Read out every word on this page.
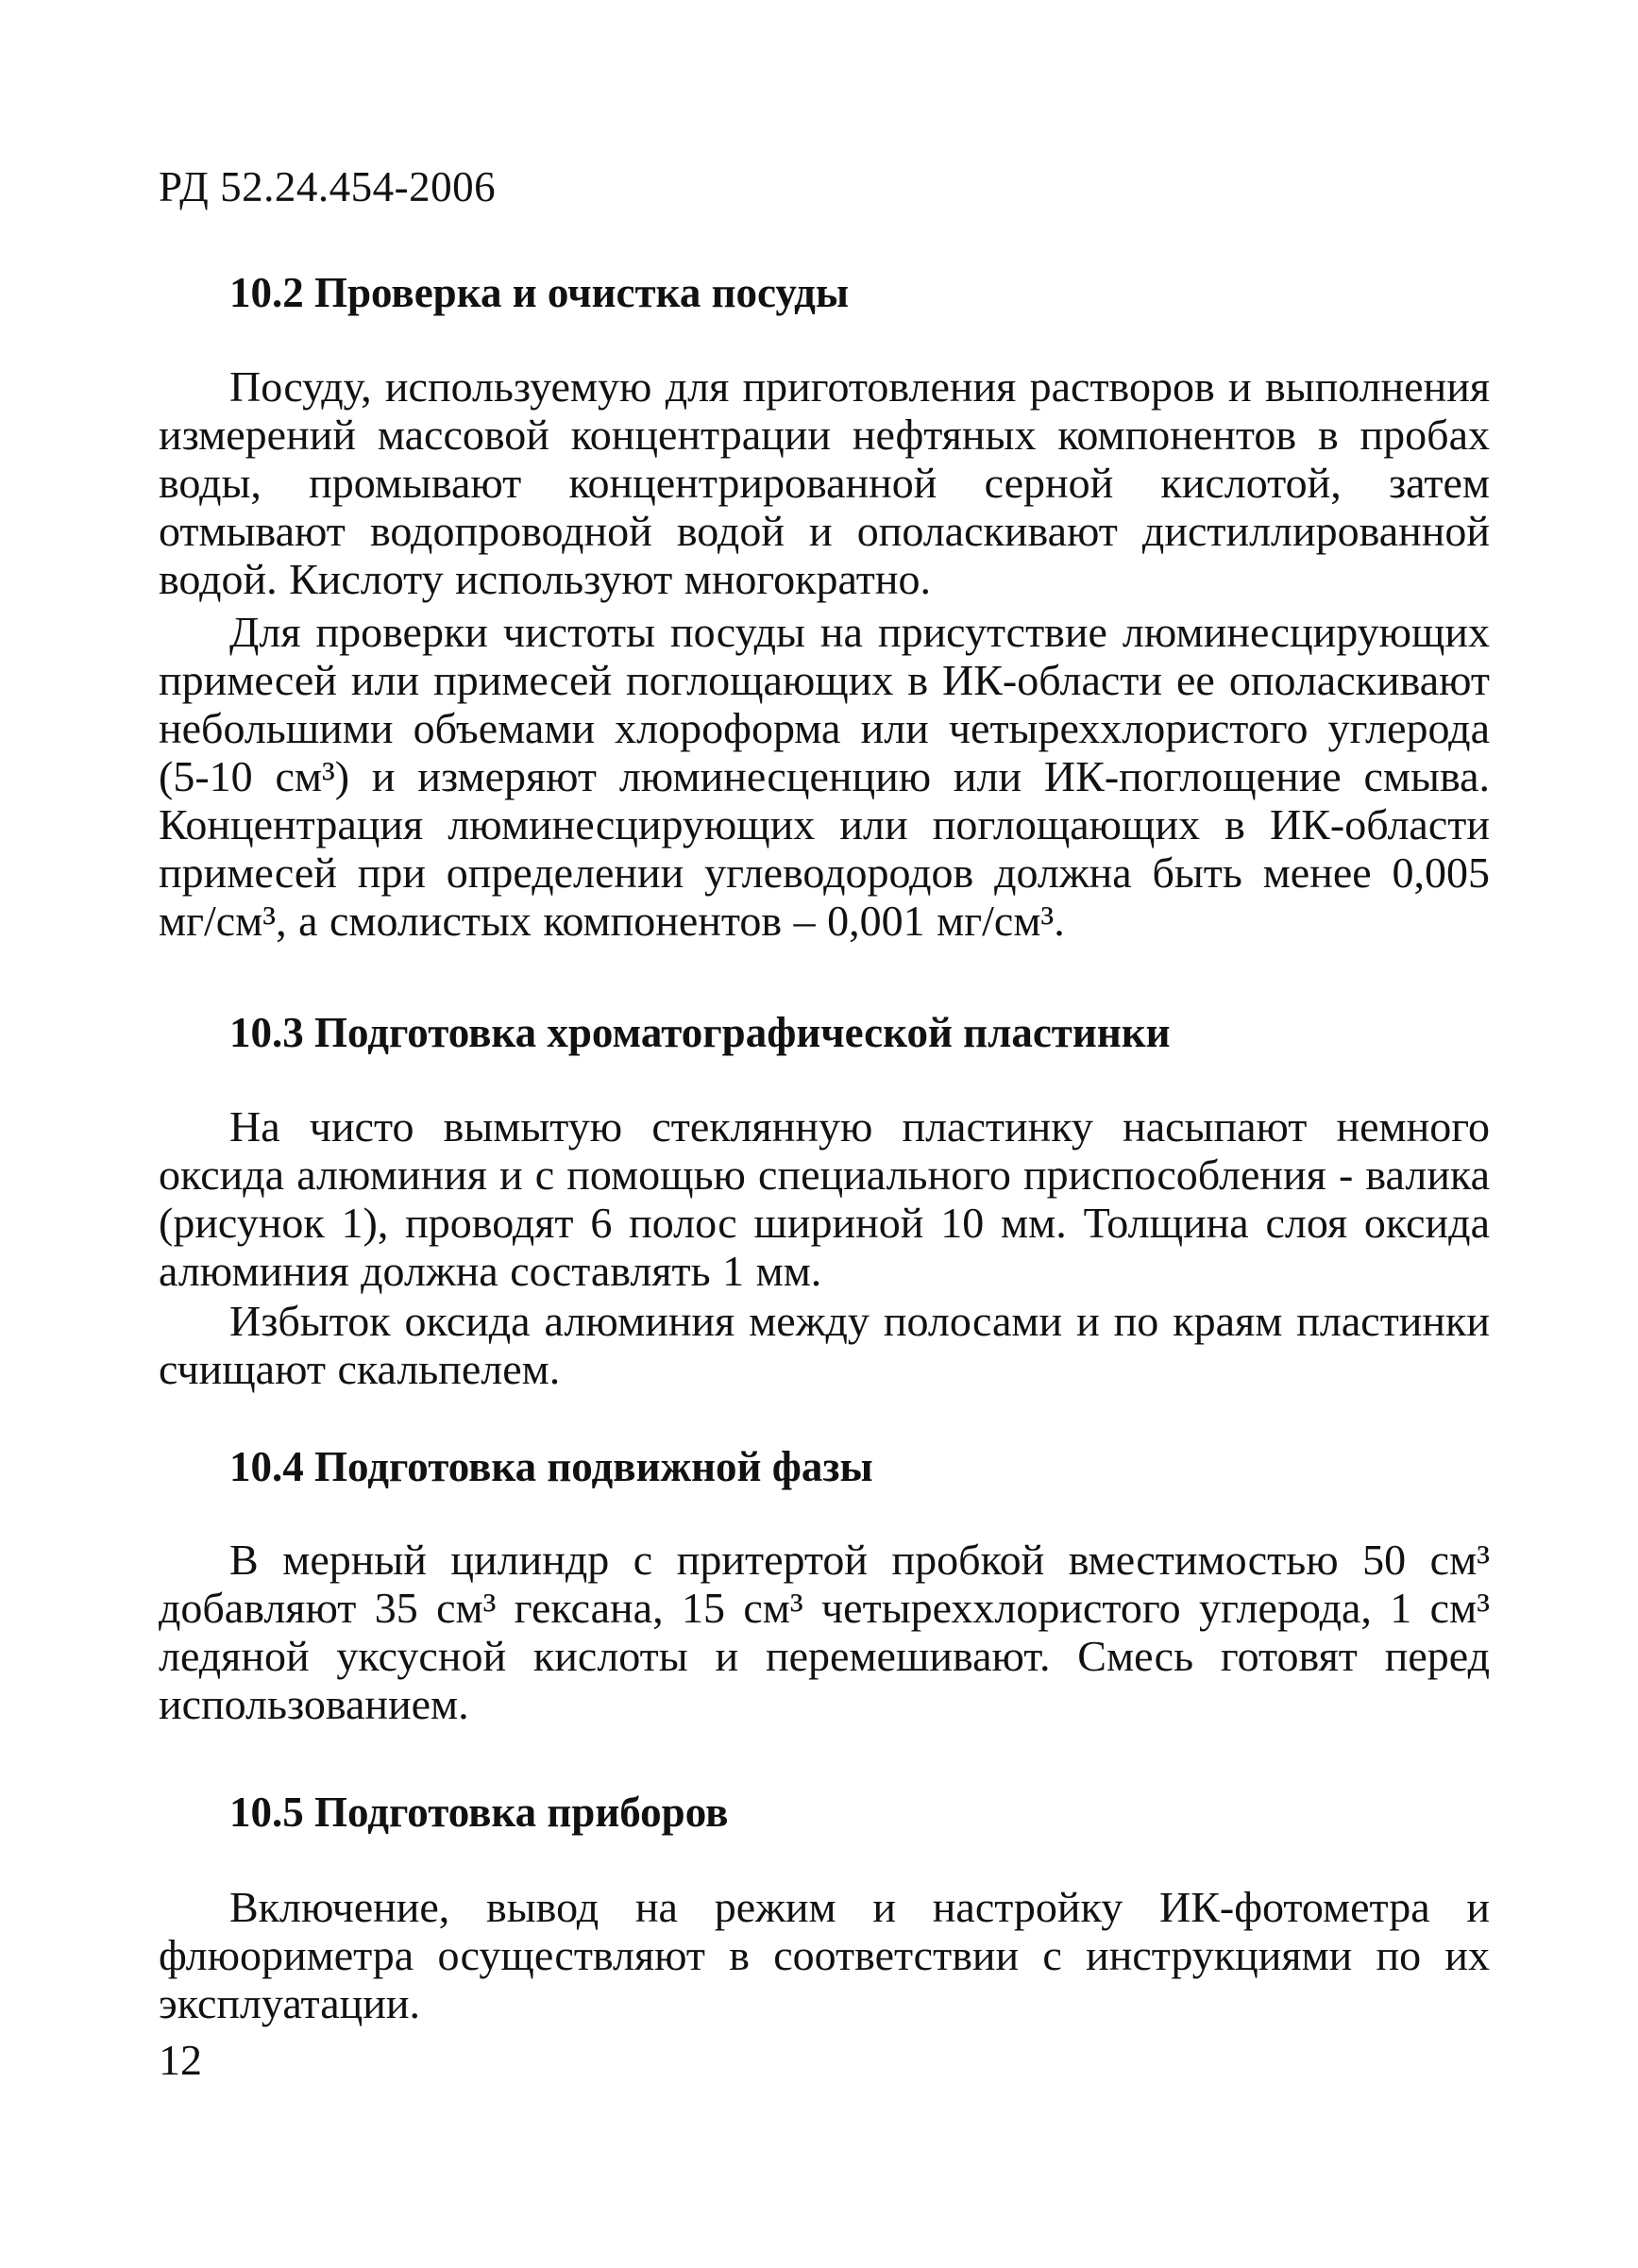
РД 52.24.454-2006
10.2 Проверка и очистка посуды

Посуду, используемую для приготовления растворов и выполнения измерений массовой концентрации нефтяных компонентов в пробах воды, промывают концентрированной серной кислотой, затем отмывают водопроводной водой и ополаскивают дистиллированной водой. Кислоту используют многократно.

Для проверки чистоты посуды на присутствие люминесцирующих примесей или примесей поглощающих в ИК-области ее ополаскивают небольшими объемами хлороформа или четыреххлористого углерода (5-10 см³) и измеряют люминесценцию или ИК-поглощение смыва. Концентрация люминесцирующих или поглощающих в ИК-области примесей при определении углеводородов должна быть менее 0,005 мг/см³, а смолистых компонентов – 0,001 мг/см³.

10.3 Подготовка хроматографической пластинки

На чисто вымытую стеклянную пластинку насыпают немного оксида алюминия и с помощью специального приспособления - валика (рисунок 1), проводят 6 полос шириной 10 мм. Толщина слоя оксида алюминия должна составлять 1 мм.

Избыток оксида алюминия между полосами и по краям пластинки счищают скальпелем.

10.4 Подготовка подвижной фазы

В мерный цилиндр с притертой пробкой вместимостью 50 см³ добавляют 35 см³ гексана, 15 см³ четыреххлористого углерода, 1 см³ ледяной уксусной кислоты и перемешивают. Смесь готовят перед использованием.

10.5 Подготовка приборов

Включение, вывод на режим и настройку ИК-фотометра и флюориметра осуществляют в соответствии с инструкциями по их эксплуатации.

12
